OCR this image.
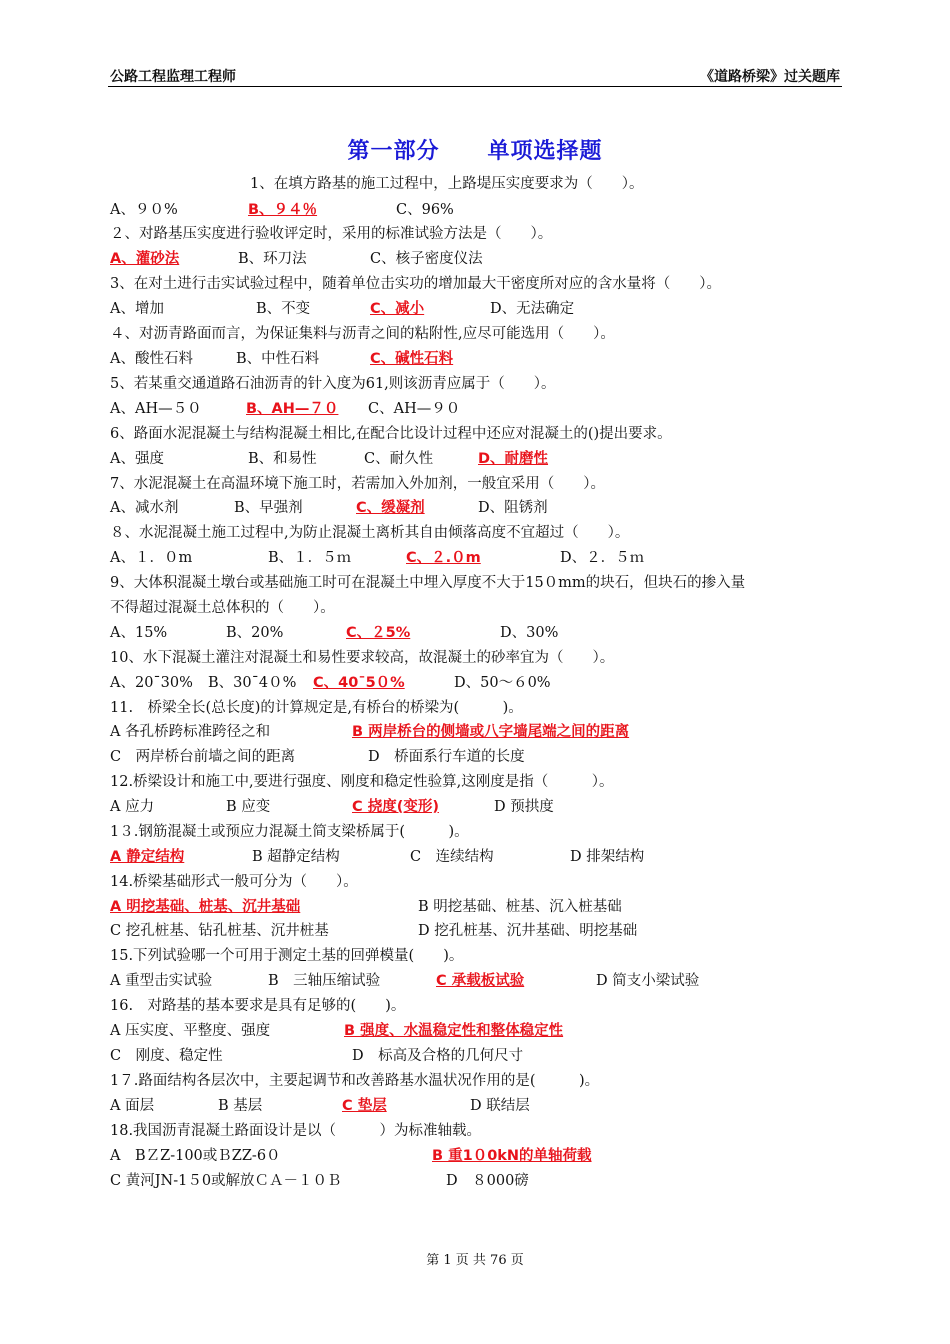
公路工程监理工程师	《道路桥梁》过关题库
第一部分 单项选择题
1、在填方路基的施工过程中，上路堤压实度要求为（　　）。
A、９０%	B、９４％	C、96%
２、对路基压实度进行验收评定时，采用的标准试验方法是（　　）。
A、灌砂法	B、环刀法	C、核子密度仪法
3、在对土进行击实试验过程中，随着单位击实功的增加最大干密度所对应的含水量将（　　）。
A、增加	B、不变	C、减小	D、无法确定
４、对沥青路面而言，为保证集料与沥青之间的粘附性,应尽可能选用（　　）。
A、酸性石料	B、中性石料	C、碱性石料
5、若某重交通道路石油沥青的针入度为61,则该沥青应属于（　　）。
A、AH—５０	B、AH—７０ C、AH—９０
6、路面水泥混凝土与结构混凝土相比,在配合比设计过程中还应对混凝土的()提出要求。
A、强度	B、和易性	C、耐久性	D、耐磨性
7、水泥混凝土在高温环境下施工时，若需加入外加剂，一般宜采用（　　）。
A、减水剂	B、早强剂	C、缓凝剂	D、阻锈剂
８、水泥混凝土施工过程中,为防止混凝土离析其自由倾落高度不宜超过（　　）。
A、１．０m	B、１．５ｍ	C、２.０m	D、２．５ｍ
9、大体积混凝土墩台或基础施工时可在混凝土中埋入厚度不大于15０mm的块石，但块石的掺入量
不得超过混凝土总体积的（　　）。
A、15%	B、20%	C、２5%	D、30%
10、水下混凝土灌注对混凝土和易性要求较高，故混凝土的砂率宜为（　　）。
A、20¯30% B、30¯4０% C、40¯5０%	D、50～６0%
11.　桥梁全长(总长度)的计算规定是,有桥台的桥梁为(　　　)。
A 各孔桥跨标准跨径之和	B 两岸桥台的侧墙或八字墙尾端之间的距离
C　两岸桥台前墙之间的距离	D　桥面系行车道的长度
12.桥梁设计和施工中,要进行强度、刚度和稳定性验算,这刚度是指（　　　）。
A 应力	B 应变	C 挠度(变形)	D 预拱度
1３.钢筋混凝土或预应力混凝土简支梁桥属于(　　　)。
A 静定结构	B 超静定结构	C　连续结构	D 排架结构
14.桥梁基础形式一般可分为（　　）。
A 明挖基础、桩基、沉井基础	B 明挖基础、桩基、沉入桩基础
C 挖孔桩基、钻孔桩基、沉井桩基	D 挖孔桩基、沉井基础、明挖基础
15.下列试验哪一个可用于测定土基的回弹模量(　　)。
A 重型击实试验	B　三轴压缩试验	C 承载板试验	D 简支小梁试验
16.　对路基的基本要求是具有足够的(　　)。
A 压实度、平整度、强度	B 强度、水温稳定性和整体稳定性
C　刚度、稳定性	D　标高及合格的几何尺寸
1７.路面结构各层次中，主要起调节和改善路基水温状况作用的是(　　　)。
A 面层	B 基层	C 垫层	D 联结层
18.我国沥青混凝土路面设计是以（　　　）为标准轴载。
A　BＺZ-100或ＢZZ-6０	B 重1０0kN的单轴荷载
C 黄河JN-1５0或解放ＣＡ－１０Ｂ	D　８000磅
第 1 页 共 76 页
